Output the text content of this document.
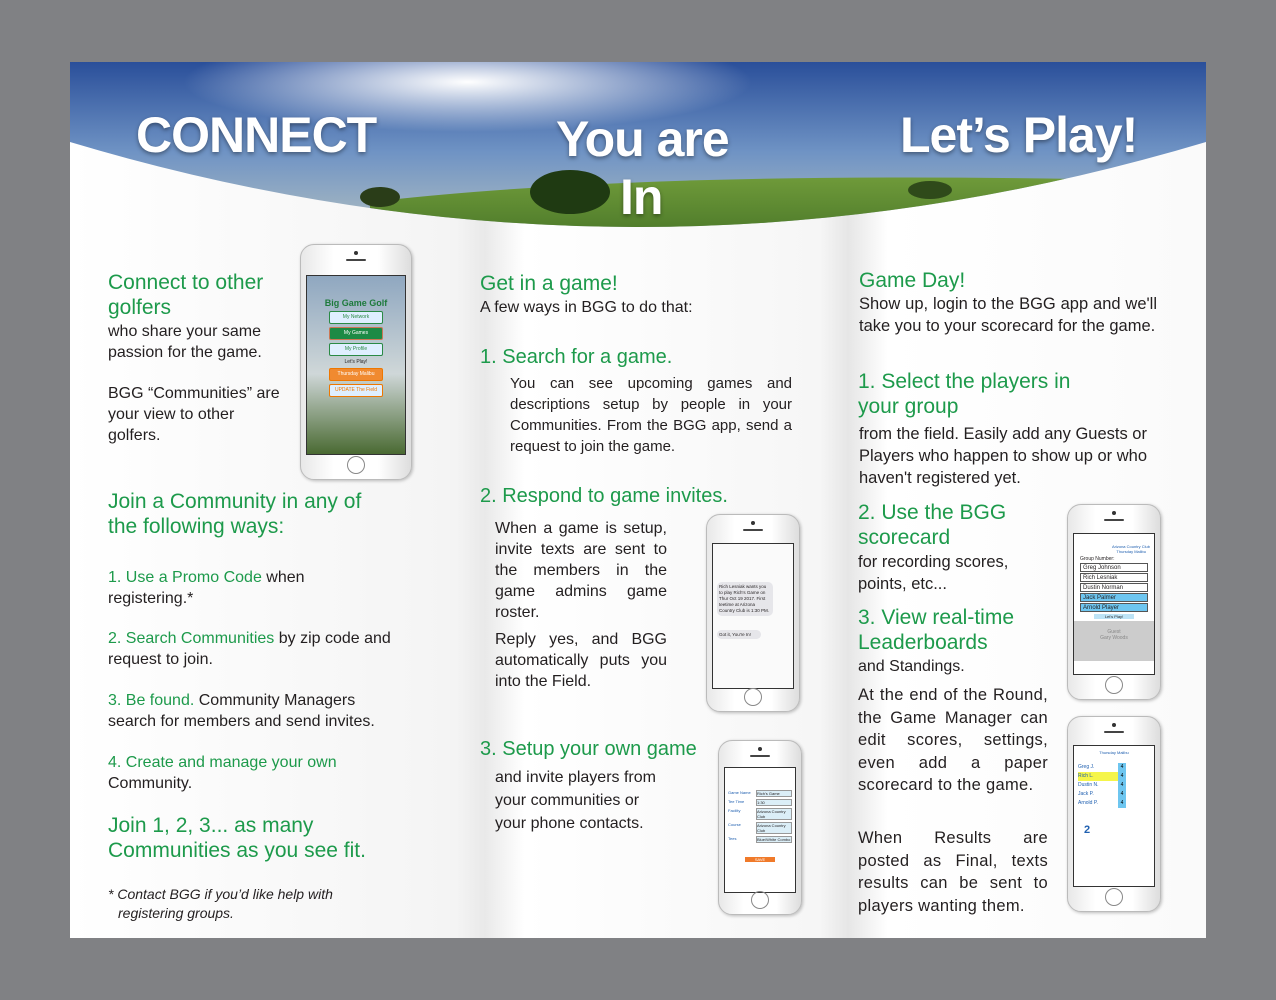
CONNECT	You are
In
Let’s Play!
Connect to other golfers
who share your same passion for the game.
BGG “Communities” are your view to other golfers.
Join a Community in any of the following ways:
1. Use a Promo Code when registering.*
2. Search Communities by zip code and request to join.
3. Be found. Community Managers search for members and send invites.
4. Create and manage your own Community.
Join 1, 2, 3... as many Communities as you see fit.
* Contact BGG if you’d like help with registering groups.
Big Game Golf
My Network
My Games
My Profile
Let's Play!
Thursday Malibu
UPDATE The Field
Get in a game!
A few ways in BGG to do that:
1. Search for a game.
You can see upcoming games and descriptions setup by people in your Communities. From the BGG app, send a request to join the game.
2. Respond to game invites.
When a game is setup, invite texts are sent to the members in the game admins game roster.
Reply yes, and BGG automatically puts you into the Field.
3. Setup your own game
and invite players from your communities or your phone contacts.
Rich Lesniak wants you to play Rich's Game on Thur Oct 19 2017. First teetime at Arizona Country Club is 1:30 PM.
Got it, You're In!
Game Name	Rich's Game
Tee Time	1:30
Facility	Arizona Country Club
Course	Arizona Country Club
Tees	Blue/White Combo
SAVE
Game Day!
Show up, login to the BGG app and we'll take you to your scorecard for the game.
1. Select the players in your group
from the field. Easily add any Guests or Players who happen to show up or who haven't registered yet.
2. Use the BGG scorecard
for recording scores, points, etc...
3. View real-time Leaderboards
and Standings.
At the end of the Round, the Game Manager can edit scores, settings, even add a paper scorecard to the game.
When Results are posted as Final, texts results can be sent to players wanting them.
Arizona Country Club
Thursday Malibu
Group Number:
Greg Johnson
Rich Lesniak
Dustin Norman
Jack Palmer
Arnold Player
Let's Play!
Guest
Gary Woods
Thursday Malibu
Greg J.	4
Rich L.	4
Dustin N.	4
Jack P.	4
Arnold P.	4
2
